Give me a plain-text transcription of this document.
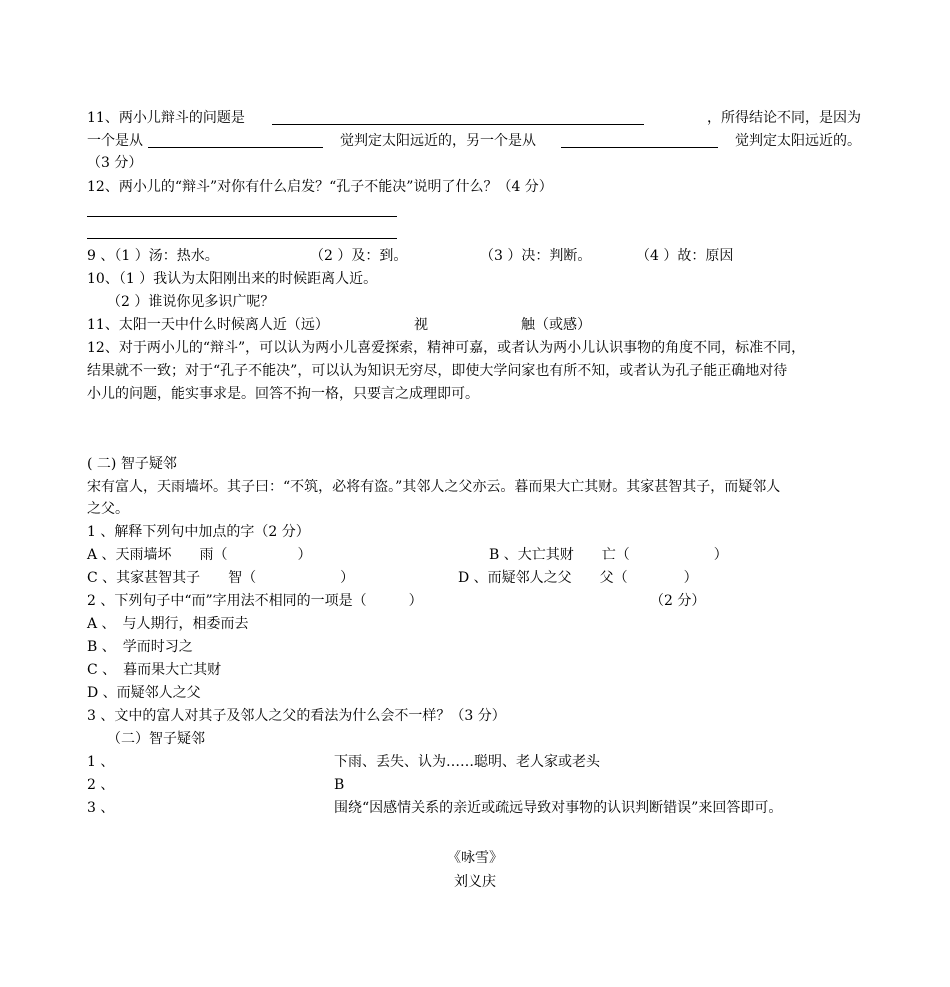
11、两小儿辩斗的问题是	，所得结论不同，是因为
一个是从	觉判定太阳远近的，另一个是从	觉判定太阳远近的。
（3 分）
12、两小儿的“辩斗”对你有什么启发？“孔子不能决”说明了什么？（4 分）
9 、（1 ）汤：热水。	（2 ）及：到。	（3 ）决：判断。	（4 ）故：原因
10、（1 ）我认为太阳刚出来的时候距离人近。
（2 ）谁说你见多识广呢？
11、太阳一天中什么时候离人近（远）	视	触（或感）
12、对于两小儿的“辩斗”，可以认为两小儿喜爱探索，精神可嘉，或者认为两小儿认识事物的角度不同，标准不同，
结果就不一致；对于“孔子不能决”，可以认为知识无穷尽，即使大学问家也有所不知，或者认为孔子能正确地对待
小儿的问题，能实事求是。回答不拘一格，只要言之成理即可。
( 二) 智子疑邻
宋有富人，天雨墙坏。其子曰：“不筑，必将有盗。”其邻人之父亦云。暮而果大亡其财。其家甚智其子，而疑邻人
之父。
1 、解释下列句中加点的字（2 分）
A 、天雨墙坏　　雨（　　　　　）	B 、大亡其财　　亡（　　　　　　）
C 、其家甚智其子　　智（　　　　　　）	D 、而疑邻人之父　　父（　　　　）
2 、下列句子中“而”字用法不相同的一项是（　　　）	（2 分）
A 、　与人期行，相委而去
B 、　学而时习之
C 、　暮而果大亡其财
D 、而疑邻人之父
3 、文中的富人对其子及邻人之父的看法为什么会不一样？（3 分）
（二）智子疑邻
1 、	下雨、丢失、认为……聪明、老人家或老头
2 、	B
3 、	围绕“因感情关系的亲近或疏远导致对事物的认识判断错误”来回答即可。
《咏雪》
刘义庆
